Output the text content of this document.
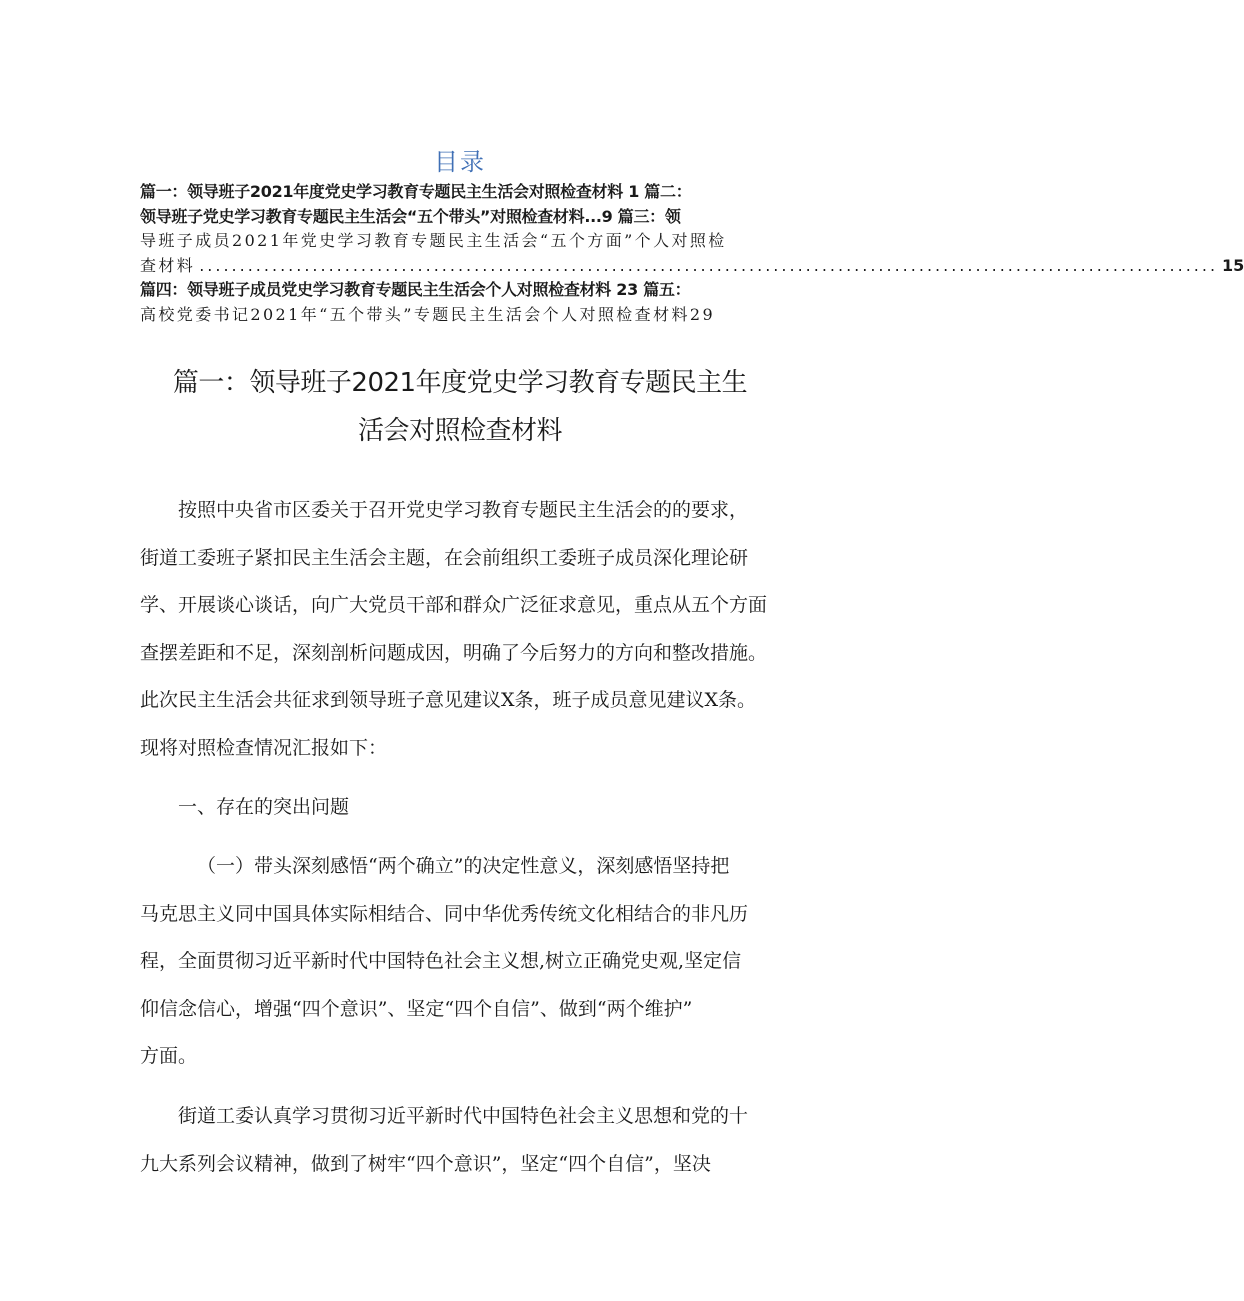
目录
篇一：领导班子2021年度党史学习教育专题民主生活会对照检查材料 1 篇二：
领导班子党史学习教育专题民主生活会“五个带头”对照检查材料...9 篇三：领
导班子成员2021年党史学习教育专题民主生活会“五个方面”个人对照检
查材料 .............................................................................................................................. 15
篇四：领导班子成员党史学习教育专题民主生活会个人对照检查材料 23 篇五：
高校党委书记2021年“五个带头”专题民主生活会个人对照检查材料29
篇一：领导班子2021年度党史学习教育专题民主生
活会对照检查材料
按照中央省市区委关于召开党史学习教育专题民主生活会的的要求，
街道工委班子紧扣民主生活会主题，在会前组织工委班子成员深化理论研
学、开展谈心谈话，向广大党员干部和群众广泛征求意见，重点从五个方面
查摆差距和不足，深刻剖析问题成因，明确了今后努力的方向和整改措施。
此次民主生活会共征求到领导班子意见建议X条，班子成员意见建议X条。
现将对照检查情况汇报如下：
一、存在的突出问题
（一）带头深刻感悟“两个确立”的决定性意义，深刻感悟坚持把
马克思主义同中国具体实际相结合、同中华优秀传统文化相结合的非凡历
程，全面贯彻习近平新时代中国特色社会主义想,树立正确党史观,坚定信
仰信念信心，增强“四个意识”、坚定“四个自信”、做到“两个维护”
方面。
街道工委认真学习贯彻习近平新时代中国特色社会主义思想和党的十
九大系列会议精神，做到了树牢“四个意识”，坚定“四个自信”，坚决
